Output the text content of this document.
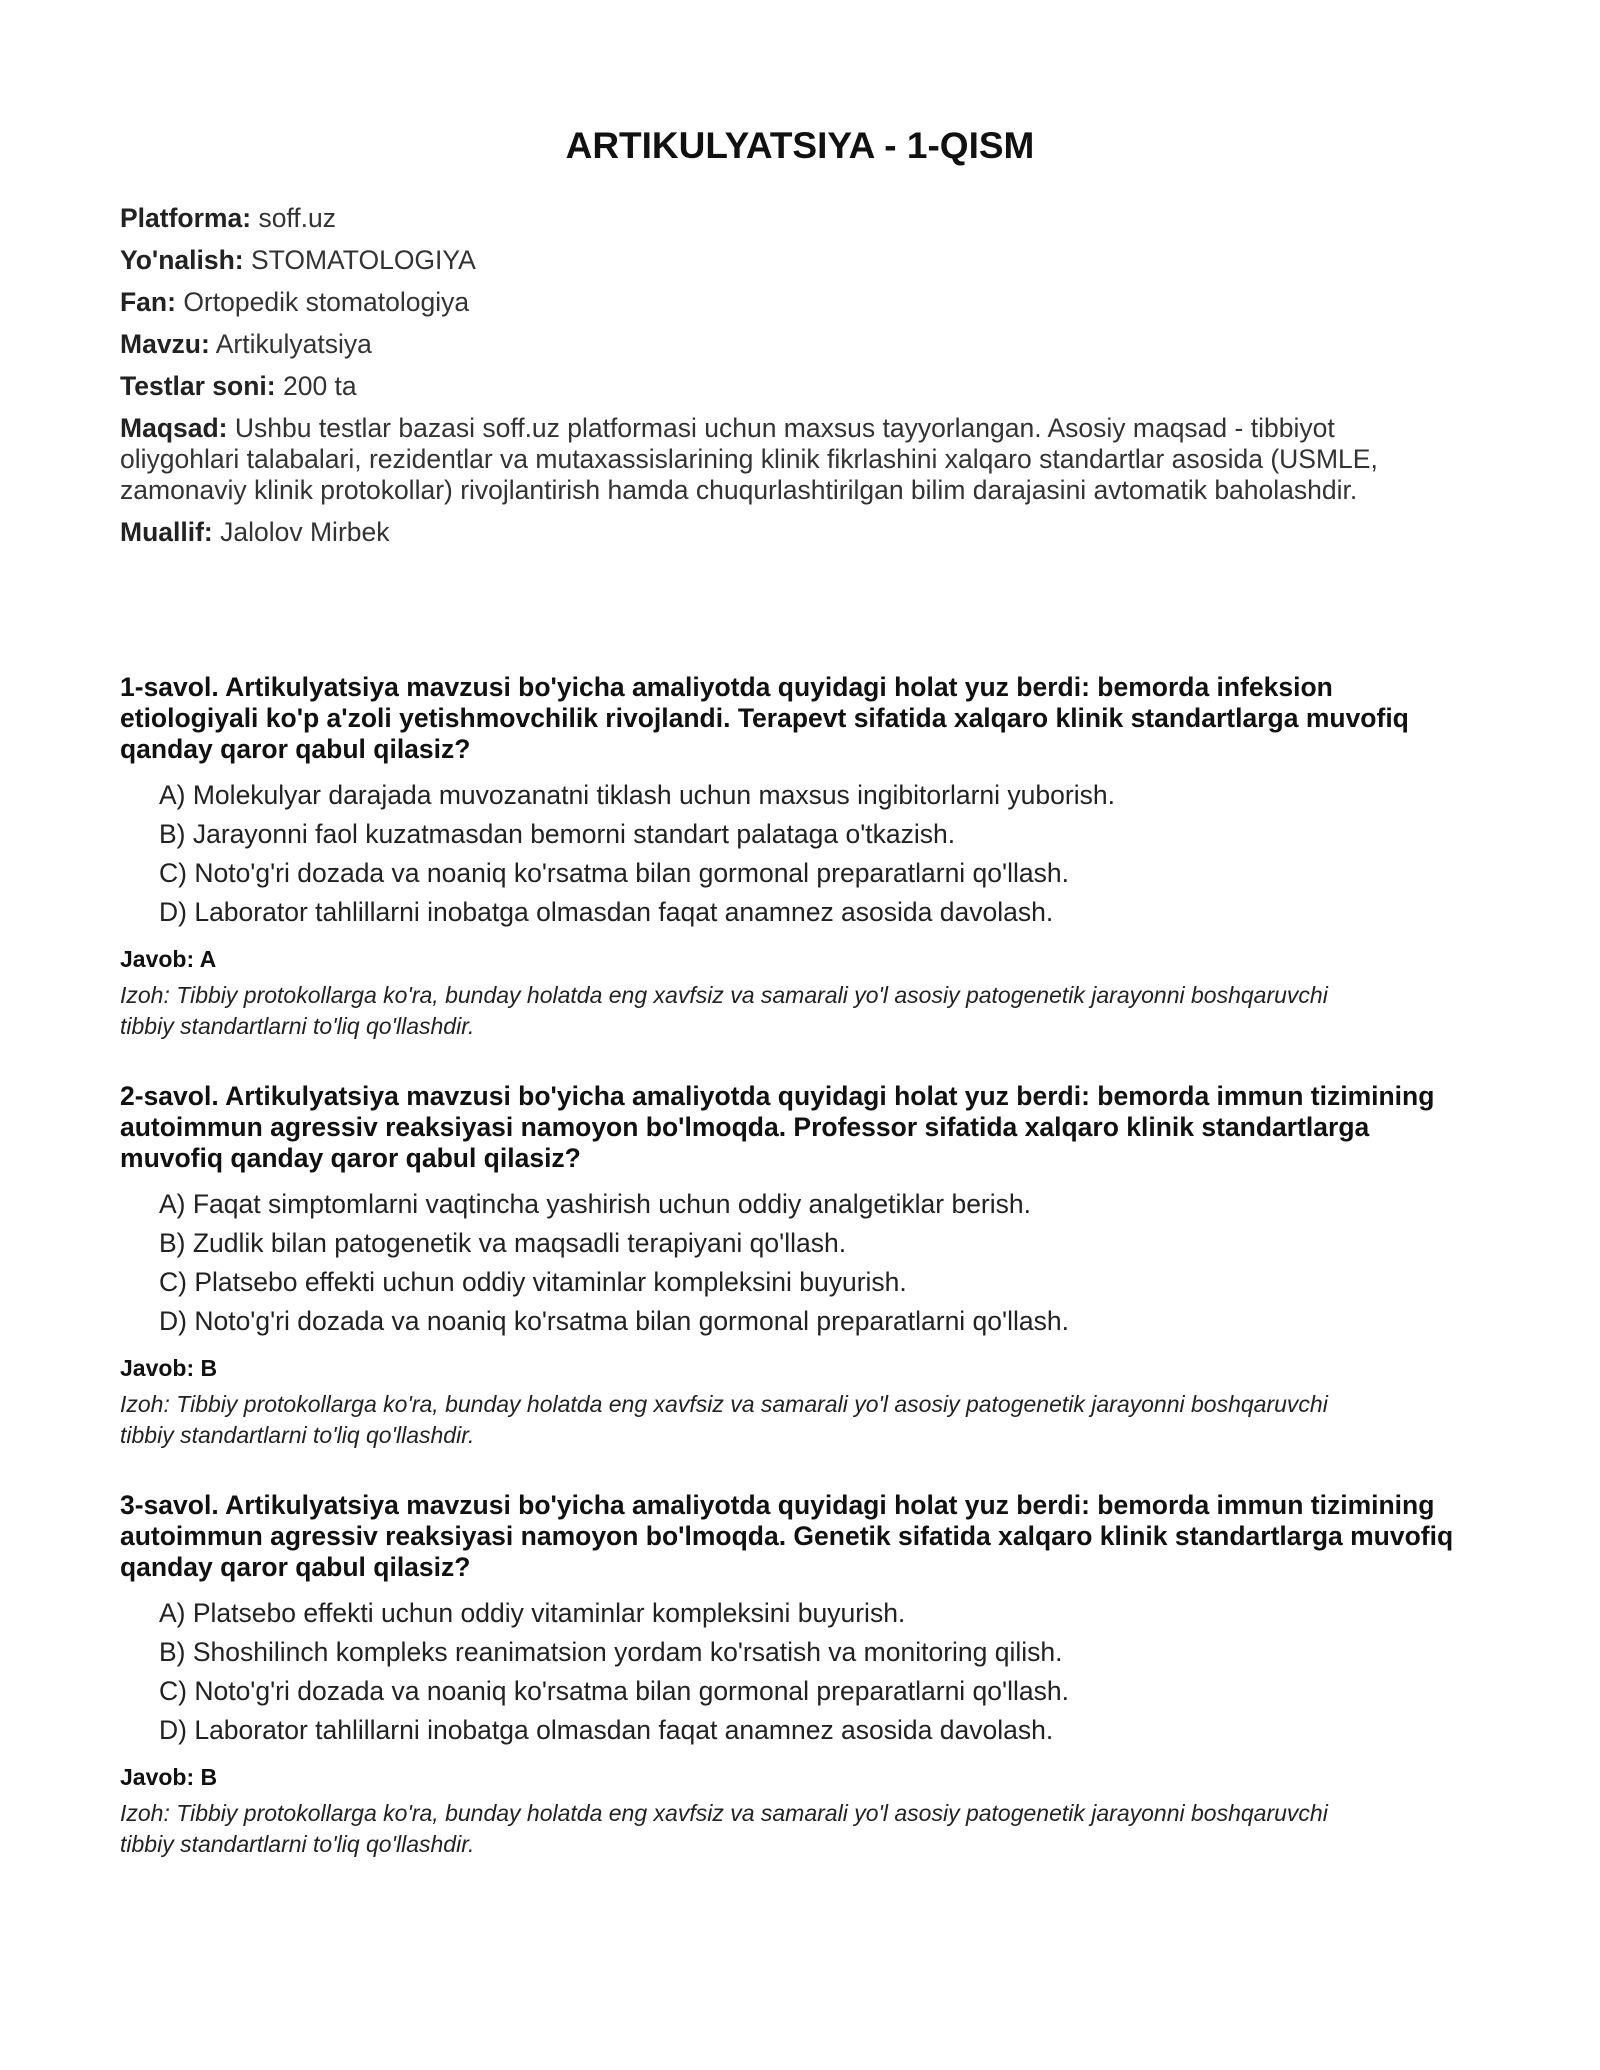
ARTIKULYATSIYA - 1-QISM

Platforma: soff.uz

Yo'nalish: STOMATOLOGIYA

Fan: Ortopedik stomatologiya

Mavzu: Artikulyatsiya

Testlar soni: 200 ta

Maqsad: Ushbu testlar bazasi soff.uz platformasi uchun maxsus tayyorlangan. Asosiy maqsad - tibbiyot oliygohlari talabalari, rezidentlar va mutaxassislarining klinik fikrlashini xalqaro standartlar asosida (USMLE, zamonaviy klinik protokollar) rivojlantirish hamda chuqurlashtirilgan bilim darajasini avtomatik baholashdir.

Muallif: Jalolov Mirbek

1-savol. Artikulyatsiya mavzusi bo'yicha amaliyotda quyidagi holat yuz berdi: bemorda infeksion etiologiyali ko'p a'zoli yetishmovchilik rivojlandi. Terapevt sifatida xalqaro klinik standartlarga muvofiq qanday qaror qabul qilasiz?

A) Molekulyar darajada muvozanatni tiklash uchun maxsus ingibitorlarni yuborish.
B) Jarayonni faol kuzatmasdan bemorni standart palataga o'tkazish.
C) Noto'g'ri dozada va noaniq ko'rsatma bilan gormonal preparatlarni qo'llash.
D) Laborator tahlillarni inobatga olmasdan faqat anamnez asosida davolash.
Javob: A

Izoh: Tibbiy protokollarga ko'ra, bunday holatda eng xavfsiz va samarali yo'l asosiy patogenetik jarayonni boshqaruvchi tibbiy standartlarni to'liq qo'llashdir.

2-savol. Artikulyatsiya mavzusi bo'yicha amaliyotda quyidagi holat yuz berdi: bemorda immun tizimining autoimmun agressiv reaksiyasi namoyon bo'lmoqda. Professor sifatida xalqaro klinik standartlarga muvofiq qanday qaror qabul qilasiz?

A) Faqat simptomlarni vaqtincha yashirish uchun oddiy analgetiklar berish.
B) Zudlik bilan patogenetik va maqsadli terapiyani qo'llash.
C) Platsebo effekti uchun oddiy vitaminlar kompleksini buyurish.
D) Noto'g'ri dozada va noaniq ko'rsatma bilan gormonal preparatlarni qo'llash.
Javob: B

Izoh: Tibbiy protokollarga ko'ra, bunday holatda eng xavfsiz va samarali yo'l asosiy patogenetik jarayonni boshqaruvchi tibbiy standartlarni to'liq qo'llashdir.

3-savol. Artikulyatsiya mavzusi bo'yicha amaliyotda quyidagi holat yuz berdi: bemorda immun tizimining autoimmun agressiv reaksiyasi namoyon bo'lmoqda. Genetik sifatida xalqaro klinik standartlarga muvofiq qanday qaror qabul qilasiz?

A) Platsebo effekti uchun oddiy vitaminlar kompleksini buyurish.
B) Shoshilinch kompleks reanimatsion yordam ko'rsatish va monitoring qilish.
C) Noto'g'ri dozada va noaniq ko'rsatma bilan gormonal preparatlarni qo'llash.
D) Laborator tahlillarni inobatga olmasdan faqat anamnez asosida davolash.
Javob: B

Izoh: Tibbiy protokollarga ko'ra, bunday holatda eng xavfsiz va samarali yo'l asosiy patogenetik jarayonni boshqaruvchi tibbiy standartlarni to'liq qo'llashdir.
